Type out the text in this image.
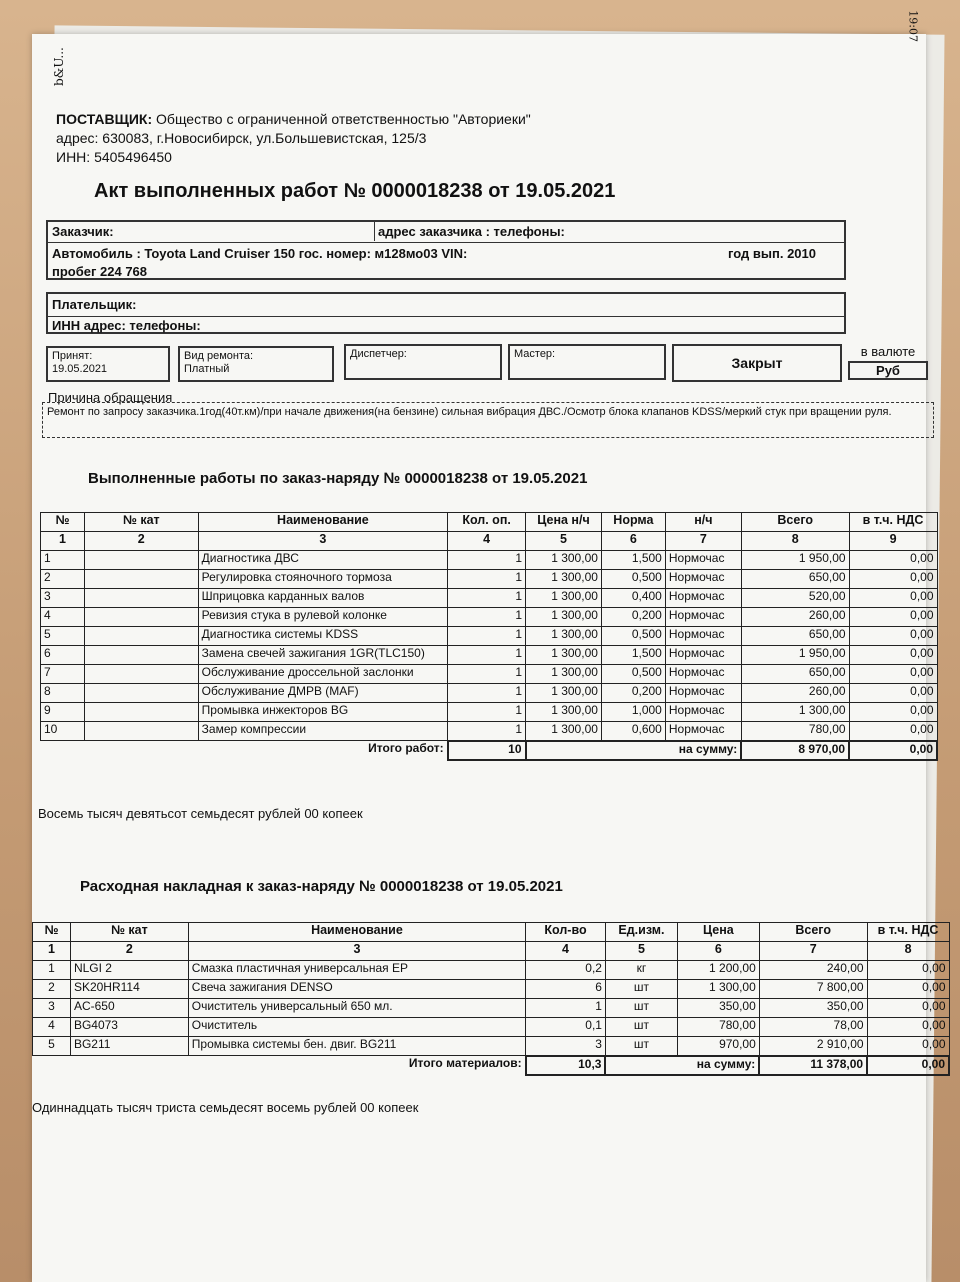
b&U...
19:07
ПОСТАВЩИК: Общество с ограниченной ответственностью "Авториеки"
адрес: 630083, г.Новосибирск, ул.Большевистская, 125/3
ИНН: 5405496450
Акт выполненных работ № 0000018238 от 19.05.2021
Заказчик:	адрес заказчика : телефоны:
Автомобиль : Toyota Land Cruiser 150 гос. номер: м128мо03 VIN:	год вып. 2010
пробег 224 768
Плательщик:
ИНН адрес: телефоны:
Принят:
19.05.2021
Вид ремонта:
Платный
Диспетчер:	Мастер:
Закрыт
в валюте
Руб
Причина обращения
Ремонт по запросу заказчика.1год(40т.км)/при начале движения(на бензине) сильная вибрация ДВС./Осмотр блока клапанов KDSS/меркий стук при вращении руля.
Выполненные работы по заказ-наряду № 0000018238 от 19.05.2021
№	№ кат	Наименование	Кол. оп.	Цена н/ч	Норма	н/ч	Всего	в т.ч. НДС
1	2	3	4	5	6	7	8	9
1		Диагностика ДВС	1	1 300,00	1,500	Нормочас	1 950,00	0,00
2		Регулировка стояночного тормоза	1	1 300,00	0,500	Нормочас	650,00	0,00
3		Шприцовка карданных валов	1	1 300,00	0,400	Нормочас	520,00	0,00
4		Ревизия стука в рулевой колонке	1	1 300,00	0,200	Нормочас	260,00	0,00
5		Диагностика системы KDSS	1	1 300,00	0,500	Нормочас	650,00	0,00
6		Замена свечей зажигания 1GR(TLC150)	1	1 300,00	1,500	Нормочас	1 950,00	0,00
7		Обслуживание дроссельной заслонки	1	1 300,00	0,500	Нормочас	650,00	0,00
8		Обслуживание ДМРВ (MAF)	1	1 300,00	0,200	Нормочас	260,00	0,00
9		Промывка инжекторов BG	1	1 300,00	1,000	Нормочас	1 300,00	0,00
10		Замер компрессии	1	1 300,00	0,600	Нормочас	780,00	0,00
Итого работ:			10	на сумму:			8 970,00	0,00
Восемь тысяч девятьсот семьдесят рублей 00 копеек
Расходная накладная к заказ-наряду № 0000018238 от 19.05.2021
№	№ кат	Наименование	Кол-во	Ед.изм.	Цена	Всего	в т.ч. НДС
1	2	3	4	5	6	7	8
1	NLGI 2	Смазка пластичная универсальная EP	0,2	кг	1 200,00	240,00	0,00
2	SK20HR114	Свеча зажигания DENSO	6	шт	1 300,00	7 800,00	0,00
3	AC-650	Очиститель универсальный 650 мл.	1	шт	350,00	350,00	0,00
4	BG4073	Очиститель	0,1	шт	780,00	78,00	0,00
5	BG211	Промывка системы бен. двиг. BG211	3	шт	970,00	2 910,00	0,00
Итого материалов:			10,3	на сумму:		11 378,00	0,00
Одиннадцать тысяч триста семьдесят восемь рублей 00 копеек
